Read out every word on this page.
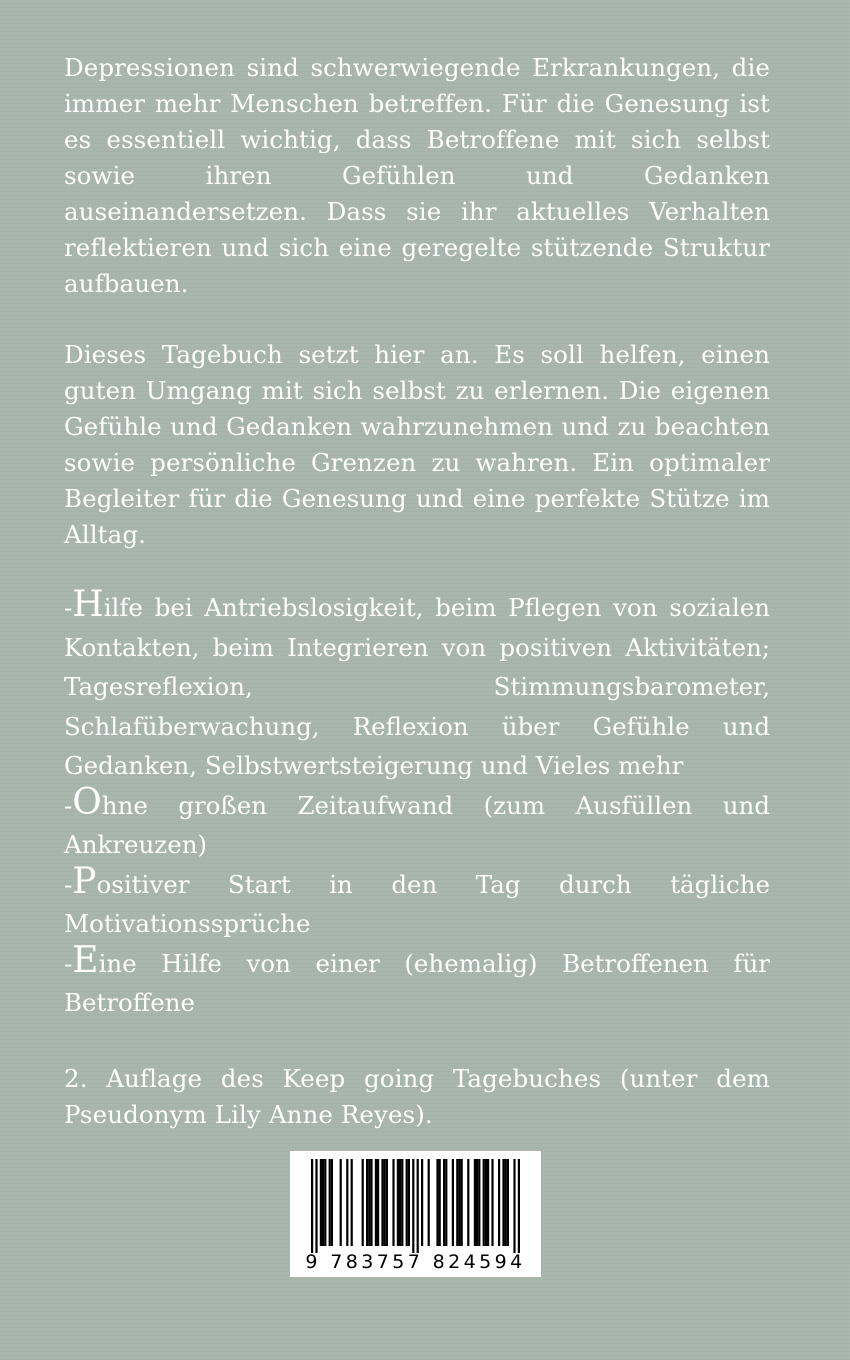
Depressionen sind schwerwiegende Erkrankungen, die immer mehr Menschen betreffen. Für die Genesung ist es essentiell wichtig, dass Betroffene mit sich selbst sowie ihren Gefühlen und Gedanken auseinandersetzen. Dass sie ihr aktuelles Verhalten reflektieren und sich eine geregelte stützende Struktur aufbauen.

Dieses Tagebuch setzt hier an. Es soll helfen, einen guten Umgang mit sich selbst zu erlernen. Die eigenen Gefühle und Gedanken wahrzunehmen und zu beachten sowie persönliche Grenzen zu wahren. Ein optimaler Begleiter für die Genesung und eine perfekte Stütze im Alltag.

-Hilfe bei Antriebslosigkeit, beim Pflegen von sozialen Kontakten, beim Integrieren von positiven Aktivitäten; Tagesreflexion, Stimmungsbarometer, Schlafüberwachung, Reflexion über Gefühle und Gedanken, Selbstwertsteigerung und Vieles mehr

-Ohne großen Zeitaufwand (zum Ausfüllen und Ankreuzen)

-Positiver Start in den Tag durch tägliche Motivationssprüche

-Eine Hilfe von einer (ehemalig) Betroffenen für Betroffene

2. Auflage des Keep going Tagebuches (unter dem Pseudonym Lily Anne Reyes).

9 783757 824594
